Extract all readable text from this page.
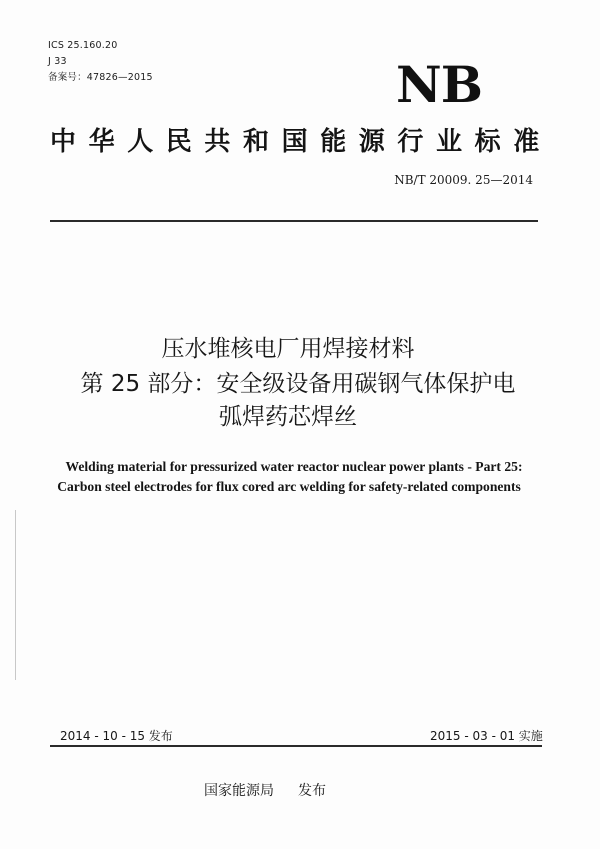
ICS 25.160.20
J 33
备案号：47826—2015	NB
中华人民共和国能源行业标准
NB/T 20009. 25—2014
压水堆核电厂用焊接材料
第 25 部分：安全级设备用碳钢气体保护电
弧焊药芯焊丝
Welding material for pressurized water reactor nuclear power plants - Part 25:
Carbon steel electrodes for flux cored arc welding for safety-related components
2014 - 10 - 15 发布	2015 - 03 - 01 实施
国家能源局 发布
